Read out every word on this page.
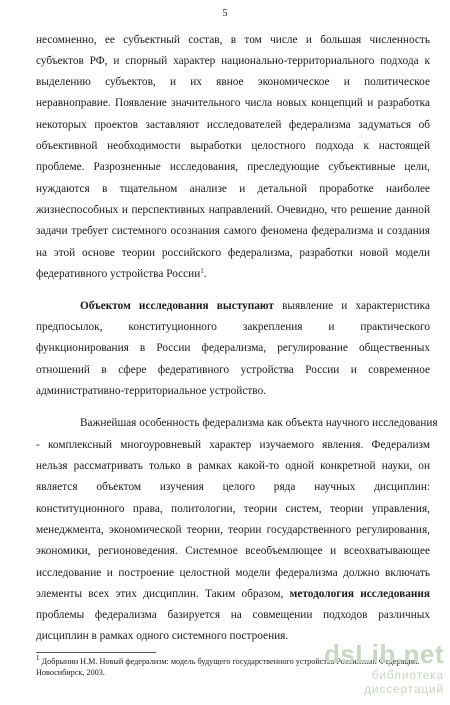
5
несомненно, ее субъектный состав, в том числе и большая численность
субъектов РФ, и спорный характер национально-территориального подхода к
выделению субъектов, и их явное экономическое и политическое
неравноправие. Появление значительного числа новых концепций и разработка
некоторых проектов заставляют исследователей федерализма задуматься об
объективной необходимости выработки целостного подхода к настоящей
проблеме. Разрозненные исследования, преследующие субъективные цели,
нуждаются в тщательном анализе и детальной проработке наиболее
жизнеспособных и перспективных направлений. Очевидно, что решение данной
задачи требует системного осознания самого феномена федерализма и создания
на этой основе теории российского федерализма, разработки новой модели
федеративного устройства России$^1$.
Объектом исследования выступают выявление и характеристика
предпосылок, конституционного закрепления и практического
функционирования в России федерализма, регулирование общественных
отношений в сфере федеративного устройства России и современное
административно-территориальное устройство.
Важнейшая особенность федерализма как объекта научного исследования
- комплексный многоуровневый характер изучаемого явления. Федерализм
нельзя рассматривать только в рамках какой-то одной конкретной науки, он
является объектом изучения целого ряда научных дисциплин:
конституционного права, политологии, теории систем, теории управления,
менеджмента, экономической теории, теории государственного регулирования,
экономики, регионоведения. Системное всеобъемлющее и всеохватывающее
исследование и построение целостной модели федерализма должно включать
элементы всех этих дисциплин. Таким образом, методология исследования
проблемы федерализма базируется на совмещении подходов различных
дисциплин в рамках одного системного построения.
$^1$ Добрынин Н.М. Новый федерализм: модель будущего государственного устройства Российской Федерации.
Новосибирск, 2003.
dsLib.net
библиотека диссертаций
